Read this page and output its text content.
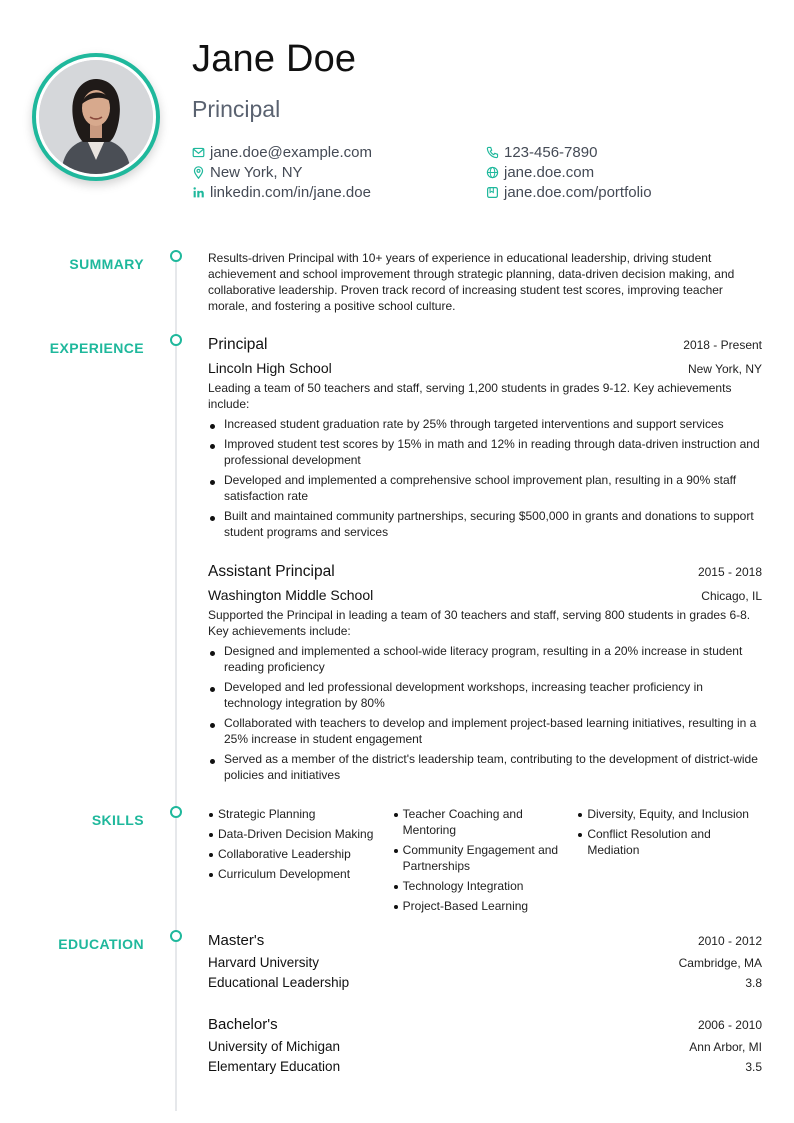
Jane Doe
Principal
jane.doe@example.com	123-456-7890
New York, NY	jane.doe.com
linkedin.com/in/jane.doe	jane.doe.com/portfolio
SUMMARY
EXPERIENCE
SKILLS
EDUCATION
Results-driven Principal with 10+ years of experience in educational leadership, driving student achievement and school improvement through strategic planning, data-driven decision making, and collaborative leadership. Proven track record of increasing student test scores, improving teacher morale, and fostering a positive school culture.
Principal	2018 - Present
Lincoln High School	New York, NY
Leading a team of 50 teachers and staff, serving 1,200 students in grades 9-12. Key achievements include:
Increased student graduation rate by 25% through targeted interventions and support services
Improved student test scores by 15% in math and 12% in reading through data-driven instruction and professional development
Developed and implemented a comprehensive school improvement plan, resulting in a 90% staff satisfaction rate
Built and maintained community partnerships, securing $500,000 in grants and donations to support student programs and services
Assistant Principal	2015 - 2018
Washington Middle School	Chicago, IL
Supported the Principal in leading a team of 30 teachers and staff, serving 800 students in grades 6-8. Key achievements include:
Designed and implemented a school-wide literacy program, resulting in a 20% increase in student reading proficiency
Developed and led professional development workshops, increasing teacher proficiency in technology integration by 80%
Collaborated with teachers to develop and implement project-based learning initiatives, resulting in a 25% increase in student engagement
Served as a member of the district's leadership team, contributing to the development of district-wide policies and initiatives
Strategic Planning
Data-Driven Decision Making
Collaborative Leadership
Curriculum Development
Teacher Coaching and Mentoring
Community Engagement and Partnerships
Technology Integration
Project-Based Learning
Diversity, Equity, and Inclusion
Conflict Resolution and Mediation
Master's	2010 - 2012
Harvard University	Cambridge, MA
Educational Leadership	3.8
Bachelor's	2006 - 2010
University of Michigan	Ann Arbor, MI
Elementary Education	3.5
